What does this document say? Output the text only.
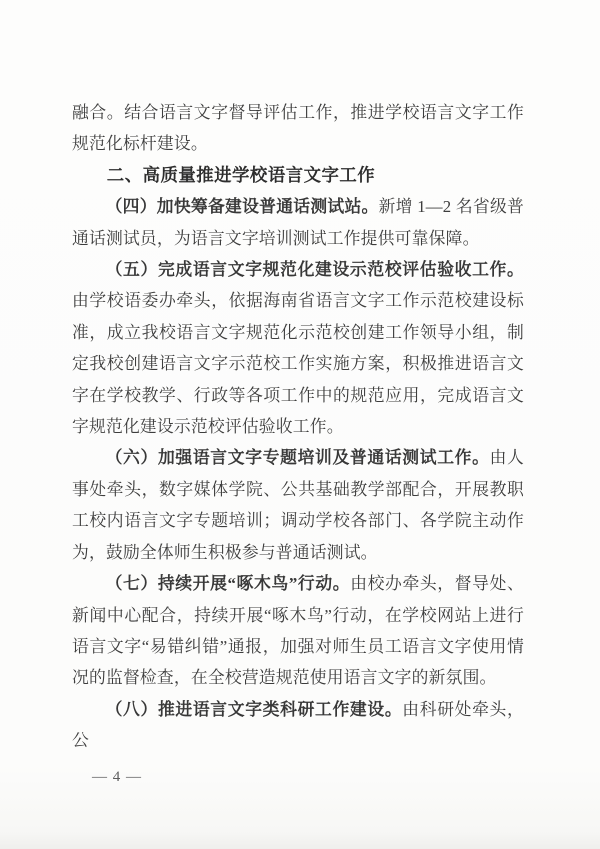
融合。结合语言文字督导评估工作，推进学校语言文字工作规范化标杆建设。

二、高质量推进学校语言文字工作

（四）加快筹备建设普通话测试站。新增 1—2 名省级普通话测试员，为语言文字培训测试工作提供可靠保障。

（五）完成语言文字规范化建设示范校评估验收工作。由学校语委办牵头，依据海南省语言文字工作示范校建设标准，成立我校语言文字规范化示范校创建工作领导小组，制定我校创建语言文字示范校工作实施方案，积极推进语言文字在学校教学、行政等各项工作中的规范应用，完成语言文字规范化建设示范校评估验收工作。

（六）加强语言文字专题培训及普通话测试工作。由人事处牵头，数字媒体学院、公共基础教学部配合，开展教职工校内语言文字专题培训；调动学校各部门、各学院主动作为，鼓励全体师生积极参与普通话测试。

（七）持续开展“啄木鸟”行动。由校办牵头，督导处、新闻中心配合，持续开展“啄木鸟”行动，在学校网站上进行语言文字“易错纠错”通报，加强对师生员工语言文字使用情况的监督检查，在全校营造规范使用语言文字的新氛围。

（八）推进语言文字类科研工作建设。由科研处牵头，公

— 4 —
